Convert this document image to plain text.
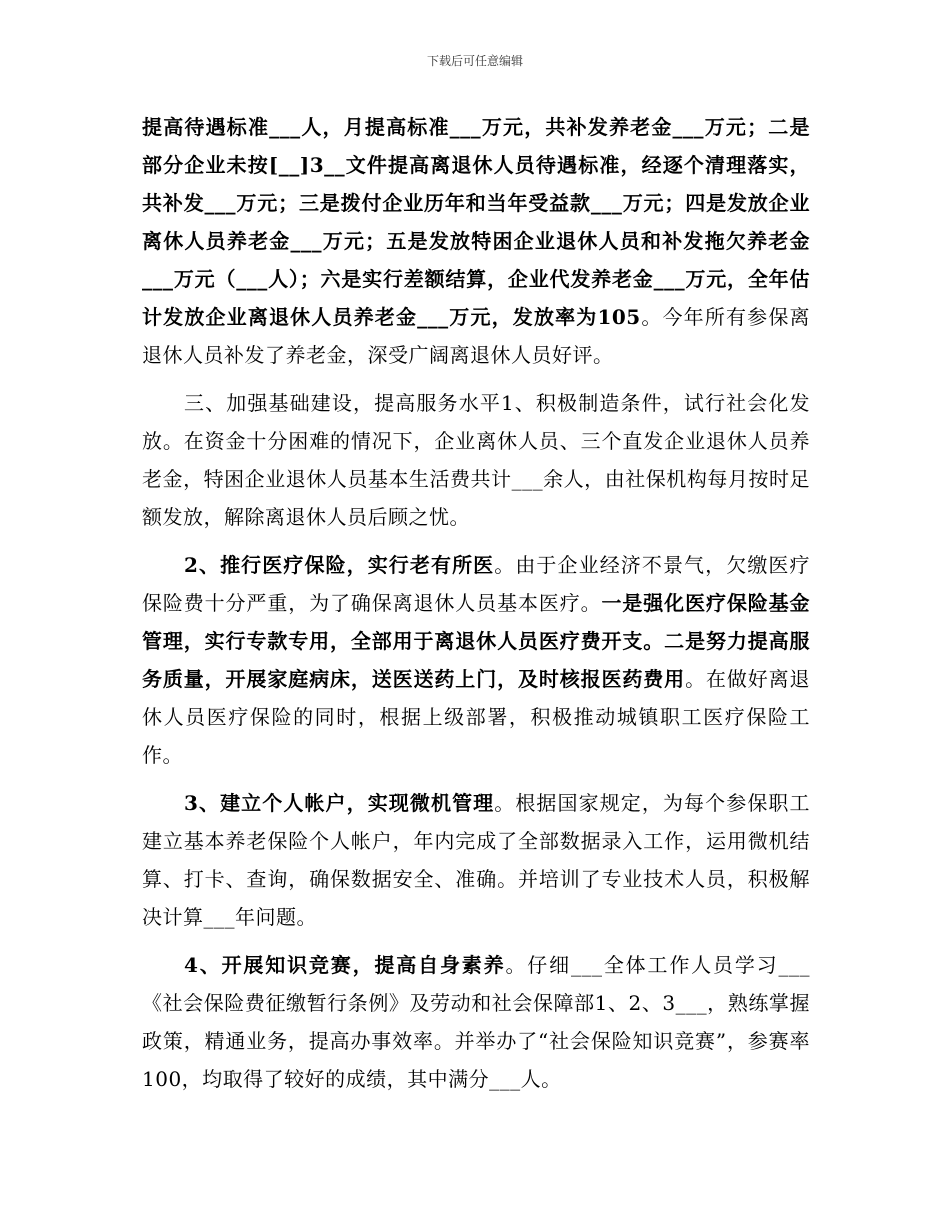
下载后可任意编辑

提高待遇标准___人，月提高标准___万元，共补发养老金___万元；二是部分企业未按[__]3__文件提高离退休人员待遇标准，经逐个清理落实，共补发___万元；三是拨付企业历年和当年受益款___万元；四是发放企业离休人员养老金___万元；五是发放特困企业退休人员和补发拖欠养老金___万元（___人）；六是实行差额结算，企业代发养老金___万元，全年估计发放企业离退休人员养老金___万元，发放率为105。今年所有参保离退休人员补发了养老金，深受广阔离退休人员好评。

三、加强基础建设，提高服务水平1、积极制造条件，试行社会化发放。在资金十分困难的情况下，企业离休人员、三个直发企业退休人员养老金，特困企业退休人员基本生活费共计___余人，由社保机构每月按时足额发放，解除离退休人员后顾之忧。

2、推行医疗保险，实行老有所医。由于企业经济不景气，欠缴医疗保险费十分严重，为了确保离退休人员基本医疗。一是强化医疗保险基金管理，实行专款专用，全部用于离退休人员医疗费开支。二是努力提高服务质量，开展家庭病床，送医送药上门，及时核报医药费用。在做好离退休人员医疗保险的同时，根据上级部署，积极推动城镇职工医疗保险工作。

3、建立个人帐户，实现微机管理。根据国家规定，为每个参保职工建立基本养老保险个人帐户，年内完成了全部数据录入工作，运用微机结算、打卡、查询，确保数据安全、准确。并培训了专业技术人员，积极解决计算___年问题。

4、开展知识竞赛，提高自身素养。仔细___全体工作人员学习___《社会保险费征缴暂行条例》及劳动和社会保障部1、2、3___，熟练掌握政策，精通业务，提高办事效率。并举办了“社会保险知识竞赛”，参赛率100，均取得了较好的成绩，其中满分___人。
